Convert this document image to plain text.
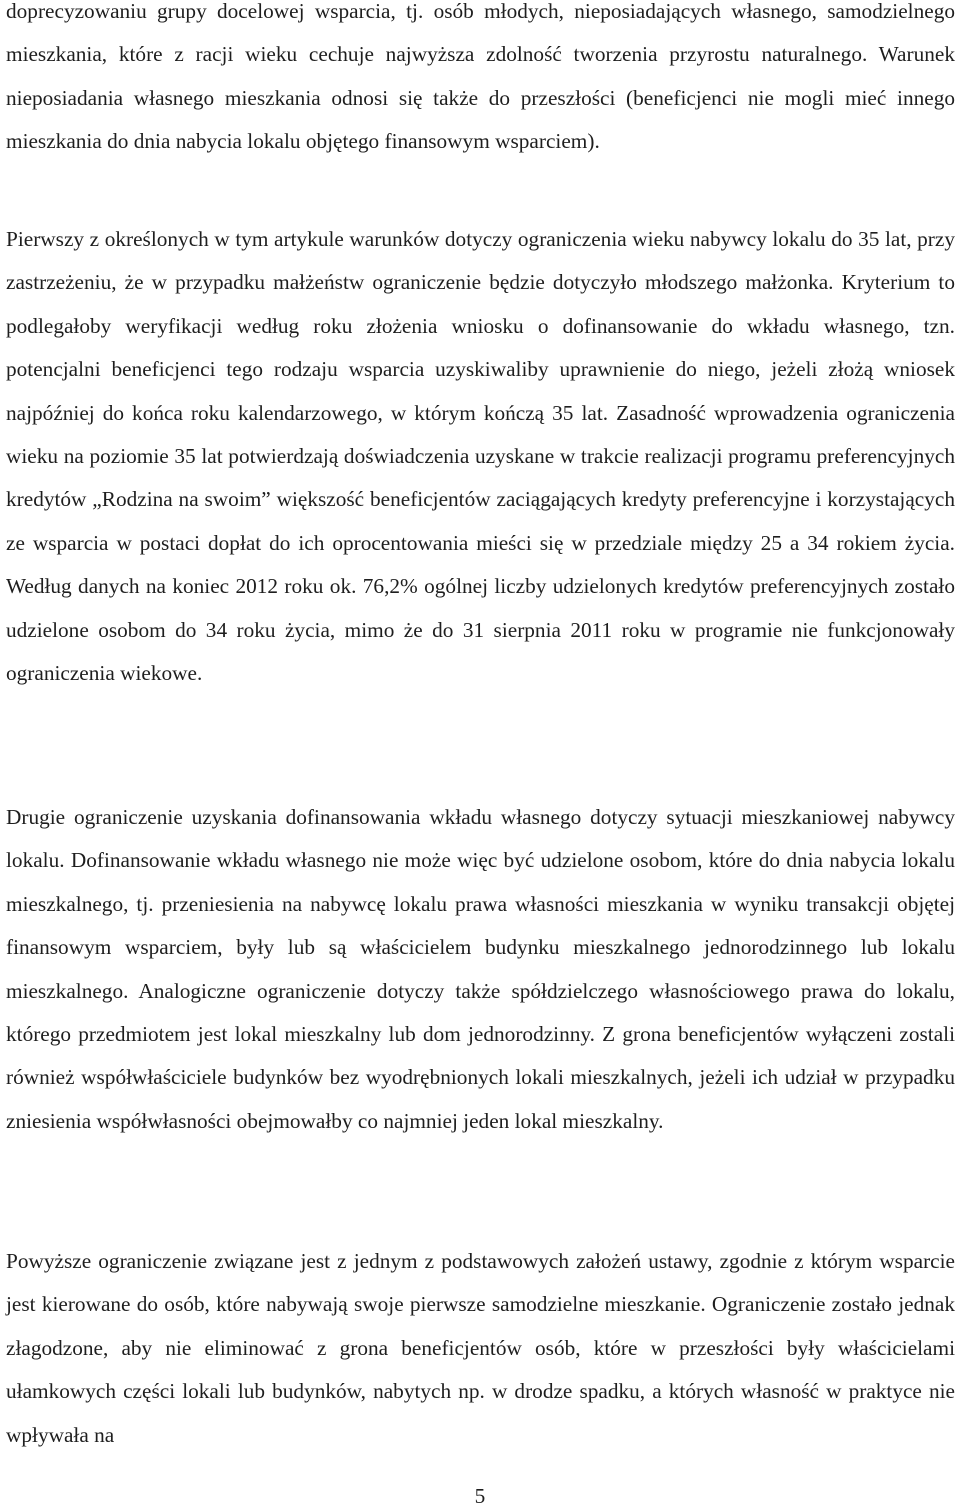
doprecyzowaniu grupy docelowej wsparcia, tj. osób młodych, nieposiadających własnego, samodzielnego mieszkania, które z racji wieku cechuje najwyższa zdolność tworzenia przyrostu naturalnego. Warunek nieposiadania własnego mieszkania odnosi się także do przeszłości (beneficjenci nie mogli mieć innego mieszkania do dnia nabycia lokalu objętego finansowym wsparciem).

Pierwszy z określonych w tym artykule warunków dotyczy ograniczenia wieku nabywcy lokalu do 35 lat, przy zastrzeżeniu, że w przypadku małżeństw ograniczenie będzie dotyczyło młodszego małżonka. Kryterium to podlegałoby weryfikacji według roku złożenia wniosku o dofinansowanie do wkładu własnego, tzn. potencjalni beneficjenci tego rodzaju wsparcia uzyskiwaliby uprawnienie do niego, jeżeli złożą wniosek najpóźniej do końca roku kalendarzowego, w którym kończą 35 lat. Zasadność wprowadzenia ograniczenia wieku na poziomie 35 lat potwierdzają doświadczenia uzyskane w trakcie realizacji programu preferencyjnych kredytów „Rodzina na swoim” większość beneficjentów zaciągających kredyty preferencyjne i korzystających ze wsparcia w postaci dopłat do ich oprocentowania mieści się w przedziale między 25 a 34 rokiem życia. Według danych na koniec 2012 roku ok. 76,2% ogólnej liczby udzielonych kredytów preferencyjnych zostało udzielone osobom do 34 roku życia, mimo że do 31 sierpnia 2011 roku w programie nie funkcjonowały ograniczenia wiekowe.

Drugie ograniczenie uzyskania dofinansowania wkładu własnego dotyczy sytuacji mieszkaniowej nabywcy lokalu. Dofinansowanie wkładu własnego nie może więc być udzielone osobom, które do dnia nabycia lokalu mieszkalnego, tj. przeniesienia na nabywcę lokalu prawa własności mieszkania w wyniku transakcji objętej finansowym wsparciem, były lub są właścicielem budynku mieszkalnego jednorodzinnego lub lokalu mieszkalnego. Analogiczne ograniczenie dotyczy także spółdzielczego własnościowego prawa do lokalu, którego przedmiotem jest lokal mieszkalny lub dom jednorodzinny. Z grona beneficjentów wyłączeni zostali również współwłaściciele budynków bez wyodrębnionych lokali mieszkalnych, jeżeli ich udział w przypadku zniesienia współwłasności obejmowałby co najmniej jeden lokal mieszkalny.

Powyższe ograniczenie związane jest z jednym z podstawowych założeń ustawy, zgodnie z którym wsparcie jest kierowane do osób, które nabywają swoje pierwsze samodzielne mieszkanie. Ograniczenie zostało jednak złagodzone, aby nie eliminować z grona beneficjentów osób, które w przeszłości były właścicielami ułamkowych części lokali lub budynków, nabytych np. w drodze spadku, a których własność w praktyce nie wpływała na

5
